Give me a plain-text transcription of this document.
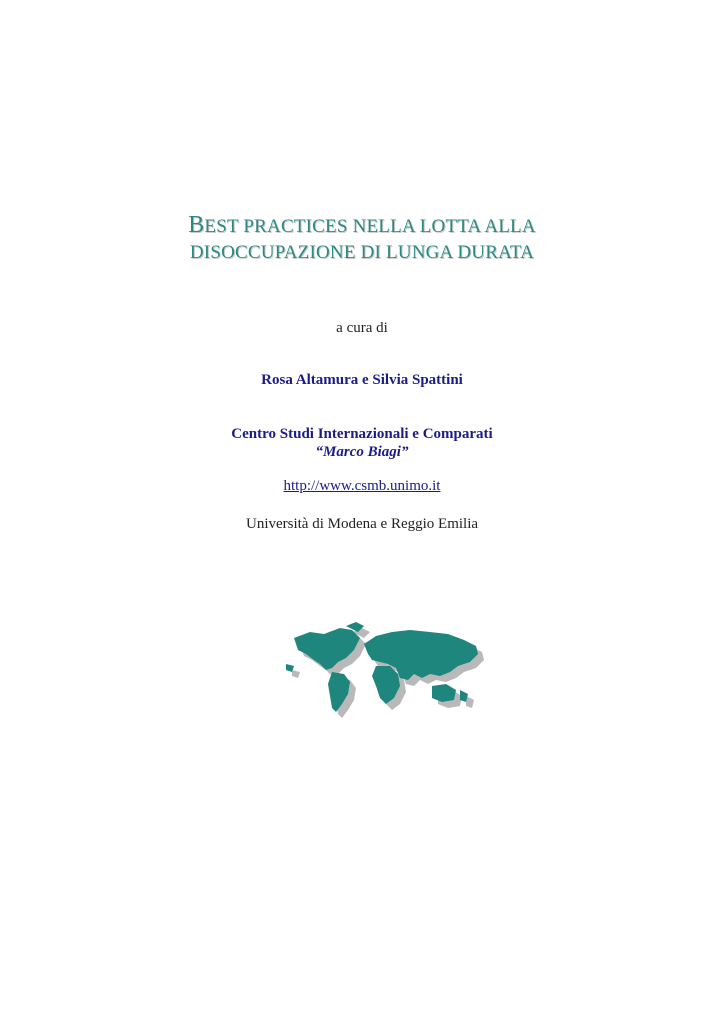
BEST PRACTICES NELLA LOTTA ALLA
DISOCCUPAZIONE DI LUNGA DURATA
a cura di
Rosa Altamura e Silvia Spattini
Centro Studi Internazionali e Comparati
“Marco Biagi”
http://www.csmb.unimo.it
Università di Modena e Reggio Emilia
